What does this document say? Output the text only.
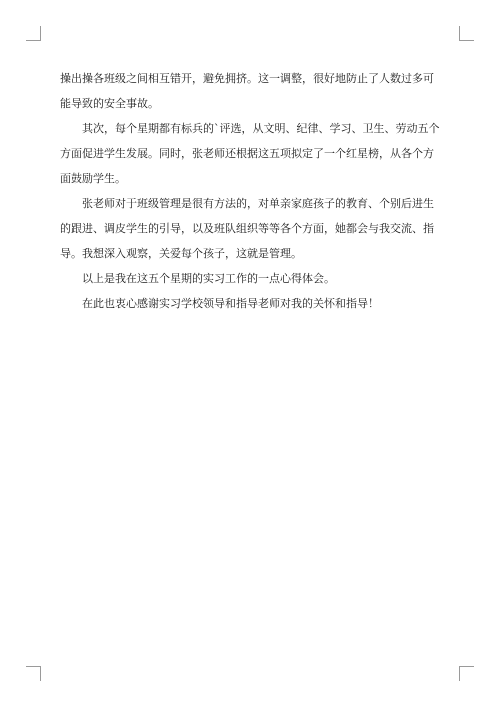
操出操各班级之间相互错开，避免拥挤。这一调整，很好地防止了人数过多可能导致的安全事故。

其次，每个星期都有标兵的`评选，从文明、纪律、学习、卫生、劳动五个方面促进学生发展。同时，张老师还根据这五项拟定了一个红星榜，从各个方面鼓励学生。

张老师对于班级管理是很有方法的，对单亲家庭孩子的教育、个别后进生的跟进、调皮学生的引导，以及班队组织等等各个方面，她都会与我交流、指导。我想深入观察，关爱每个孩子，这就是管理。

以上是我在这五个星期的实习工作的一点心得体会。

在此也衷心感谢实习学校领导和指导老师对我的关怀和指导！
